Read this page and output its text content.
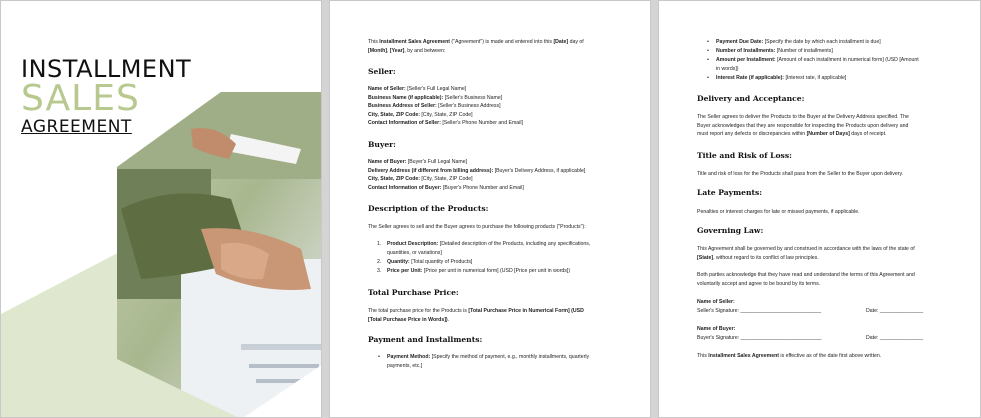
INSTALLMENT
SALES
AGREEMENT
This Installment Sales Agreement ("Agreement") is made and entered into this [Date] day of
[Month], [Year], by and between:
Seller:
Name of Seller: [Seller's Full Legal Name]
Business Name (if applicable): [Seller's Business Name]
Business Address of Seller: [Seller's Business Address]
City, State, ZIP Code: [City, State, ZIP Code]
Contact Information of Seller: [Seller's Phone Number and Email]
Buyer:
Name of Buyer: [Buyer's Full Legal Name]
Delivery Address (if different from billing address): [Buyer's Delivery Address, if applicable]
City, State, ZIP Code: [City, State, ZIP Code]
Contact Information of Buyer: [Buyer's Phone Number and Email]
Description of the Products:
The Seller agrees to sell and the Buyer agrees to purchase the following products ("Products"):
1. Product Description: [Detailed description of the Products, including any specifications,
quantities, or variations]
2. Quantity: [Total quantity of Products]
3. Price per Unit: [Price per unit in numerical form] (USD [Price per unit in words])
Total Purchase Price:
The total purchase price for the Products is [Total Purchase Price in Numerical Form] (USD
[Total Purchase Price in Words]).
Payment and Installments:
• Payment Method: [Specify the method of payment, e.g., monthly installments, quarterly
payments, etc.]
• Payment Due Date: [Specify the date by which each installment is due]
• Number of Installments: [Number of installments]
• Amount per Installment: [Amount of each installment in numerical form] (USD [Amount
in words])
• Interest Rate (if applicable): [Interest rate, if applicable]
Delivery and Acceptance:
The Seller agrees to deliver the Products to the Buyer at the Delivery Address specified. The
Buyer acknowledges that they are responsible for inspecting the Products upon delivery and
must report any defects or discrepancies within [Number of Days] days of receipt.
Title and Risk of Loss:
Title and risk of loss for the Products shall pass from the Seller to the Buyer upon delivery.
Late Payments:
Penalties or interest charges for late or missed payments, if applicable.
Governing Law:
This Agreement shall be governed by and construed in accordance with the laws of the state of
[State], without regard to its conflict of law principles.
Both parties acknowledge that they have read and understand the terms of this Agreement and
voluntarily accept and agree to be bound by its terms.
Name of Seller:
Seller's Signature: ____________________________	Date: _______________
Name of Buyer:
Buyer's Signature: ____________________________	Date: _______________
This Installment Sales Agreement is effective as of the date first above written.
